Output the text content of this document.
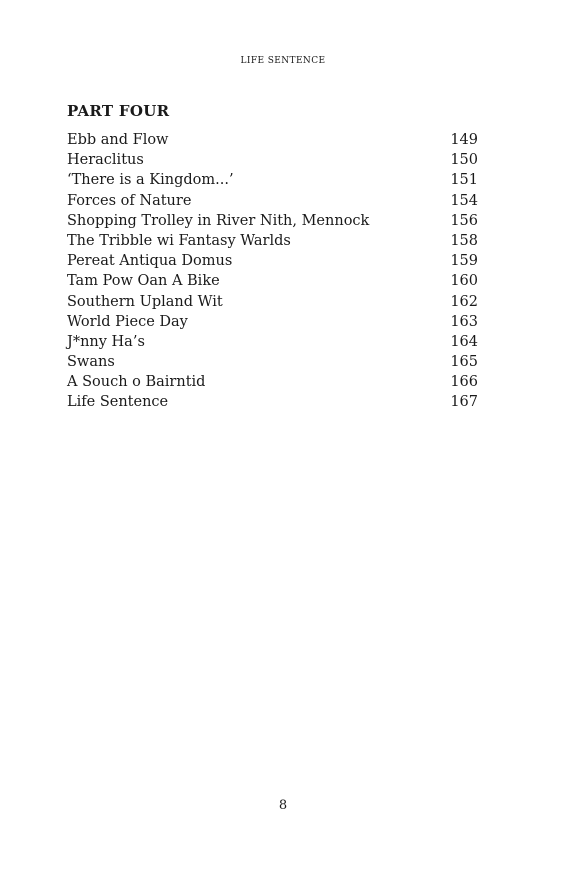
LIFE SENTENCE
PART FOUR
Ebb and Flow	149
Heraclitus	150
‘There is a Kingdom...’	151
Forces of Nature	154
Shopping Trolley in River Nith, Mennock	156
The Tribble wi Fantasy Warlds	158
Pereat Antiqua Domus	159
Tam Pow Oan A Bike	160
Southern Upland Wit	162
World Piece Day	163
J*nny Ha’s	164
Swans	165
A Souch o Bairntid	166
Life Sentence	167
8
